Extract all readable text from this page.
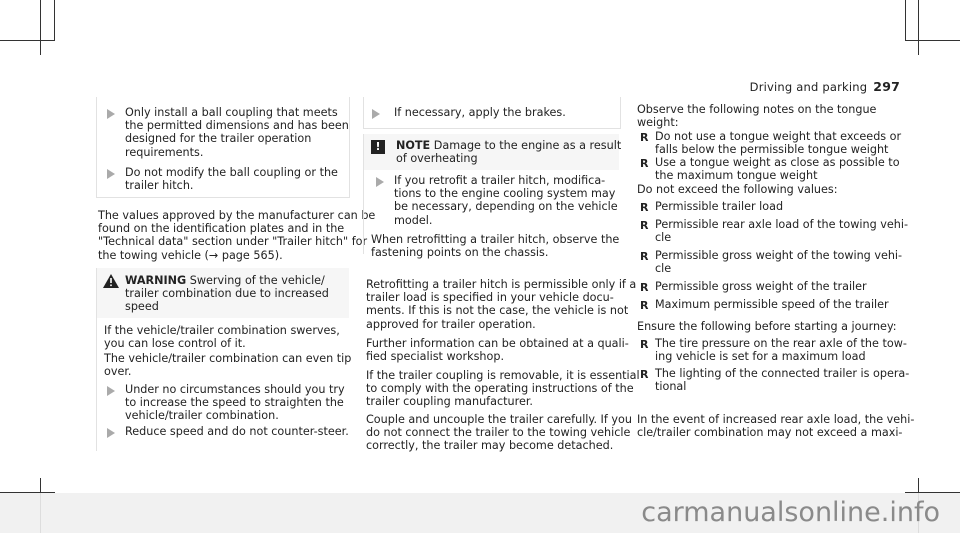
Driving and parking 297
Only install a ball coupling that meets
the permitted dimensions and has been
designed for the trailer operation
requirements.
Do not modify the ball coupling or the
trailer hitch.
The values approved by the manufacturer can be
found on the identification plates and in the
"Technical data" section under "Trailer hitch" for
the towing vehicle (→ page 565).
WARNING Swerving of the vehicle/
trailer combination due to increased
speed
If the vehicle/trailer combination swerves,
you can lose control of it.
The vehicle/trailer combination can even tip
over.
Under no circumstances should you try
to increase the speed to straighten the
vehicle/trailer combination.
Reduce speed and do not counter-steer.
If necessary, apply the brakes.
!	NOTE Damage to the engine as a result
of overheating
If you retrofit a trailer hitch, modifica-
tions to the engine cooling system may
be necessary, depending on the vehicle
model.
When retrofitting a trailer hitch, observe the
fastening points on the chassis.
Retrofitting a trailer hitch is permissible only if a
trailer load is specified in your vehicle docu-
ments. If this is not the case, the vehicle is not
approved for trailer operation.
Further information can be obtained at a quali-
fied specialist workshop.
If the trailer coupling is removable, it is essential
to comply with the operating instructions of the
trailer coupling manufacturer.
Couple and uncouple the trailer carefully. If you
do not connect the trailer to the towing vehicle
correctly, the trailer may become detached.
Observe the following notes on the tongue
weight:
R Do not use a tongue weight that exceeds or
falls below the permissible tongue weight
R Use a tongue weight as close as possible to
the maximum tongue weight
Do not exceed the following values:
R Permissible trailer load
R Permissible rear axle load of the towing vehi-
cle
R Permissible gross weight of the towing vehi-
cle
R Permissible gross weight of the trailer
R Maximum permissible speed of the trailer
Ensure the following before starting a journey:
R The tire pressure on the rear axle of the tow-
ing vehicle is set for a maximum load
R The lighting of the connected trailer is opera-
tional
In the event of increased rear axle load, the vehi-
cle/trailer combination may not exceed a maxi-
carmanualsonline.info
